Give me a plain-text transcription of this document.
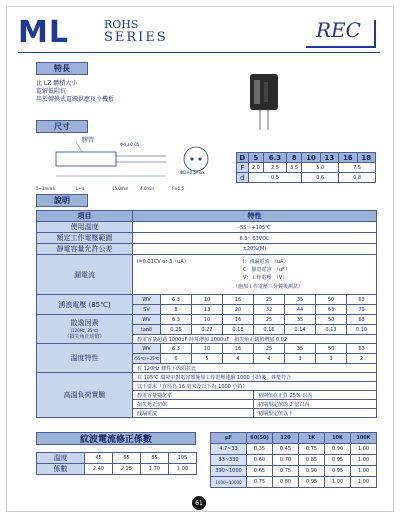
ML	ROHS
SERIES	REC
特長
比 LZ 體積大小
電解低阻抗
用於轉換式電源供應及主機板
尺寸
膠管
5~3mm±	L+α	15.0min	4.0min	F±0.5
Φd ±0.05
ΦD+0.5max
D	5	6.3	8	10	13	16	18
F	2.0	2.5	3.5	5.0		7.5	
d	0.5			0.6		0.8	
說明
項目	特性							
使用溫度	-55～+105℃							
額定工作電壓範圍	6.3～63VDC							
靜電容量允許公差	±20%(M)							
漏電流	I=0.01CV or 3（uA） I：洩漏電流　（uA）
C：靜電電容　（uF）
V：工作電壓　（V）
（施加工作電壓三分鐘後測試）							

湧浪電壓 (85℃)	WV	6.3	10	16	25	35	50	63
	SV	8	13	20	32	44	63	79

散逸因素
(120Hz, 25℃)
（損失角正切值）	WV	6.3	10	16	25	35	50	63
	tanδ	0.26	0.22	0.18	0.16	0.14	0.13	0.10
	靜電容量超過 1000uF 時每增加 1000uF，損失角正切值增加 0.02							
溫度特性	WV	6.3	10	16	25	35	50	63
	-55℃/+25℃	6	5	4	4	3	3	2
	在 120Hz 條件下的阻抗比							
高溫負荷實驗	在 105℃ 環境中對電容器施加工作電壓連續 1000 小時後，性能符合							
	以下要求（直徑為 16 毫米及以下為 1000 小時）							
	靜電容量變化率				初期值在正負 25% 以內			
	損失角正切值				初期規定值的 2 倍以內			
	洩漏電流				初期規定值以下			
紋波電流修正係數
溫度	45	65	85	105
係數	2.40	2.25	1.70	1.00
μF	60(50)	120	1K	10K	100K
4.7~33	0.35	0.45	0.75	0.90	1.00
33~330	0.60	0.70	0.85	0.95	1.00
390~1000	0.65	0.75	0.90	0.95	1.00
1000~10000	0.75	0.80	0.95	1.00	1.00
61
